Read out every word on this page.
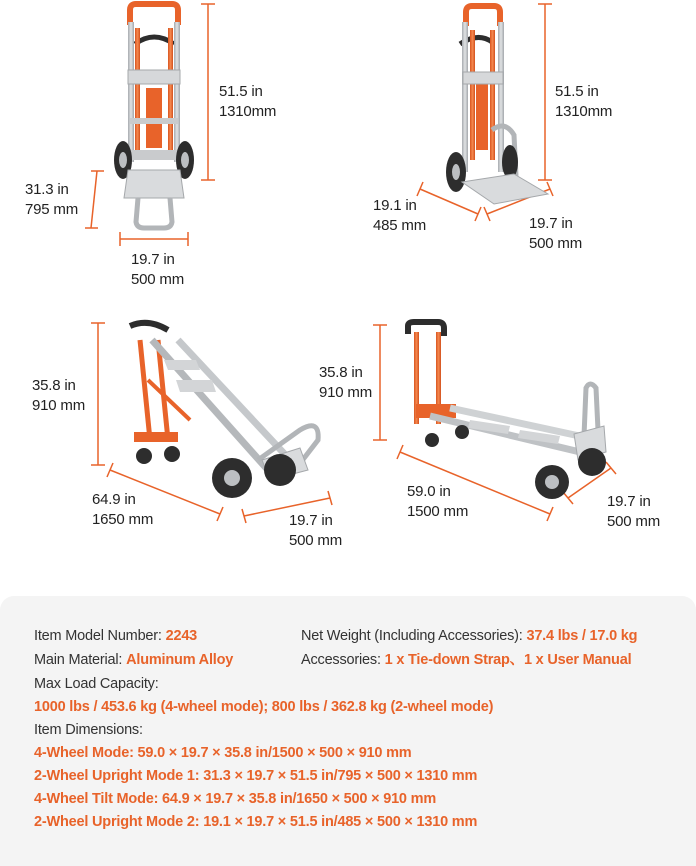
51.5 in
1310mm
31.3 in
795 mm
19.7 in
500 mm
51.5 in
1310mm
19.1 in
485 mm	19.7 in
500 mm
35.8 in
910 mm
64.9 in
1650 mm	19.7 in
500 mm
35.8 in
910 mm
59.0 in
1500 mm
19.7 in
500 mm
Item Model Number: 2243	Net Weight (Including Accessories): 37.4 lbs / 17.0 kg
Main Material: Aluminum Alloy	Accessories: 1 x Tie-down Strap、1 x User Manual
Max Load Capacity:
1000 lbs / 453.6 kg (4-wheel mode); 800 lbs / 362.8 kg (2-wheel mode)
Item Dimensions:
4-Wheel Mode: 59.0 × 19.7 × 35.8 in/1500 × 500 × 910 mm
2-Wheel Upright Mode 1: 31.3 × 19.7 × 51.5 in/795 × 500 × 1310 mm
4-Wheel Tilt Mode: 64.9 × 19.7 × 35.8 in/1650 × 500 × 910 mm
2-Wheel Upright Mode 2: 19.1 × 19.7 × 51.5 in/485 × 500 × 1310 mm
